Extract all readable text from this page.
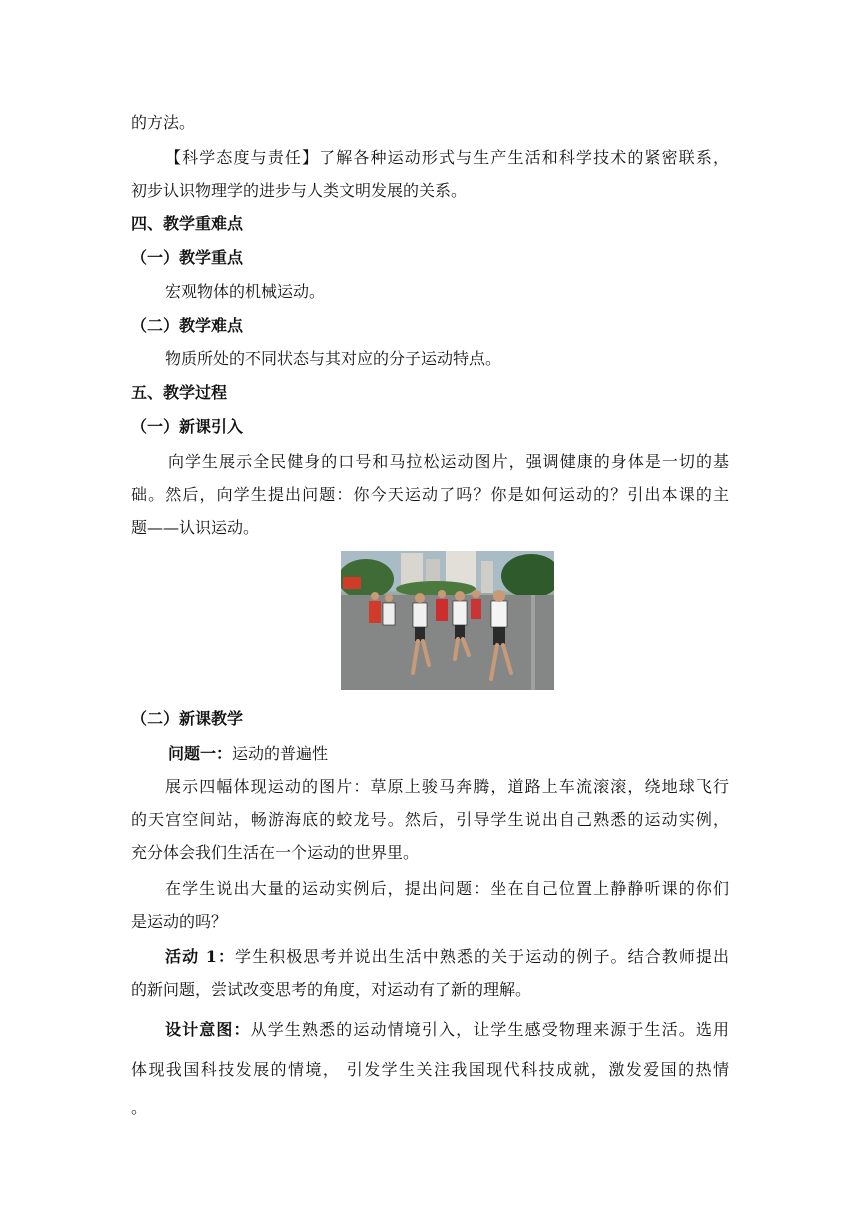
的方法。
【科学态度与责任】了解各种运动形式与生产生活和科学技术的紧密联系，
初步认识物理学的进步与人类文明发展的关系。
四、教学重难点
（一）教学重点
宏观物体的机械运动。
（二）教学难点
物质所处的不同状态与其对应的分子运动特点。
五、教学过程
（一）新课引入
向学生展示全民健身的口号和马拉松运动图片，强调健康的身体是一切的基
础。然后，向学生提出问题：你今天运动了吗？你是如何运动的？引出本课的主
题——认识运动。
（二）新课教学
问题一：运动的普遍性
展示四幅体现运动的图片：草原上骏马奔腾，道路上车流滚滚，绕地球飞行
的天宫空间站，畅游海底的蛟龙号。然后，引导学生说出自己熟悉的运动实例，
充分体会我们生活在一个运动的世界里。
在学生说出大量的运动实例后，提出问题：坐在自己位置上静静听课的你们
是运动的吗？
活动 1：学生积极思考并说出生活中熟悉的关于运动的例子。结合教师提出
的新问题，尝试改变思考的角度，对运动有了新的理解。
设计意图：从学生熟悉的运动情境引入，让学生感受物理来源于生活。选用
体现我国科技发展的情境， 引发学生关注我国现代科技成就，激发爱国的热情
。
